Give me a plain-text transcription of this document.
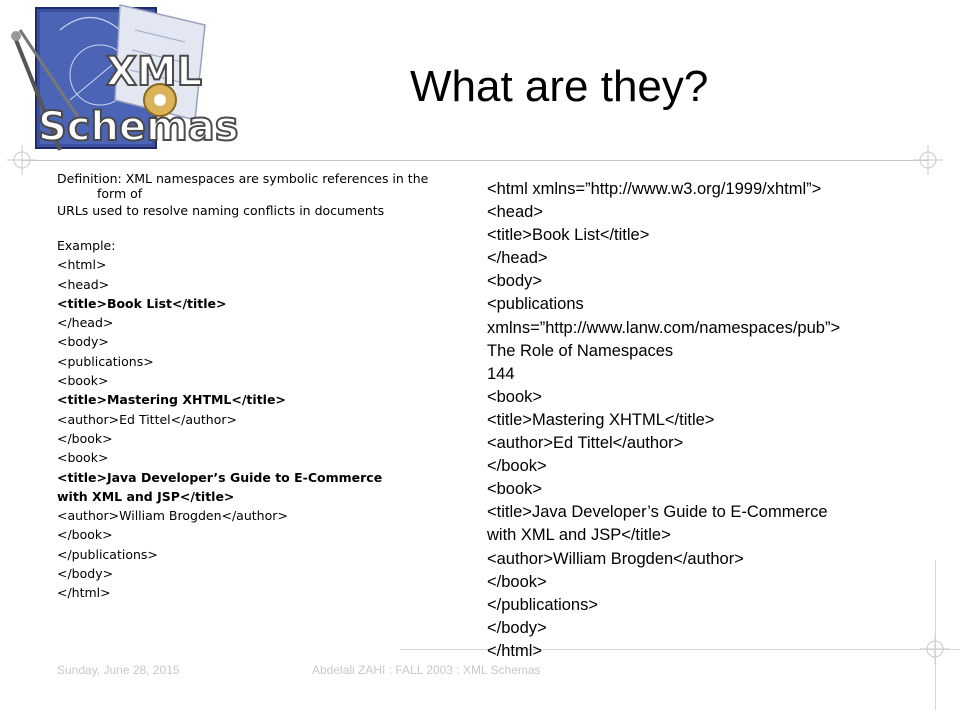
XML
Schemas
What are they?
Definition: XML namespaces are symbolic references in the form of
URLs used to resolve naming conflicts in documents
Example:
<html>
<head>
<title>Book List</title>
</head>
<body>
<publications>
<book>
<title>Mastering XHTML</title>
<author>Ed Tittel</author>
</book>
<book>
<title>Java Developer’s Guide to E-Commerce
with XML and JSP</title>
<author>William Brogden</author>
</book>
</publications>
</body>
</html>
<html xmlns=”http://www.w3.org/1999/xhtml”>
<head>
<title>Book List</title>
</head>
<body>
<publications
xmlns=”http://www.lanw.com/namespaces/pub”>
The Role of Namespaces
144
<book>
<title>Mastering XHTML</title>
<author>Ed Tittel</author>
</book>
<book>
<title>Java Developer’s Guide to E-Commerce
with XML and JSP</title>
<author>William Brogden</author>
</book>
</publications>
</body>
</html>
Sunday, June 28, 2015	Abdelali ZAHI : FALL 2003 : XML Schemas
